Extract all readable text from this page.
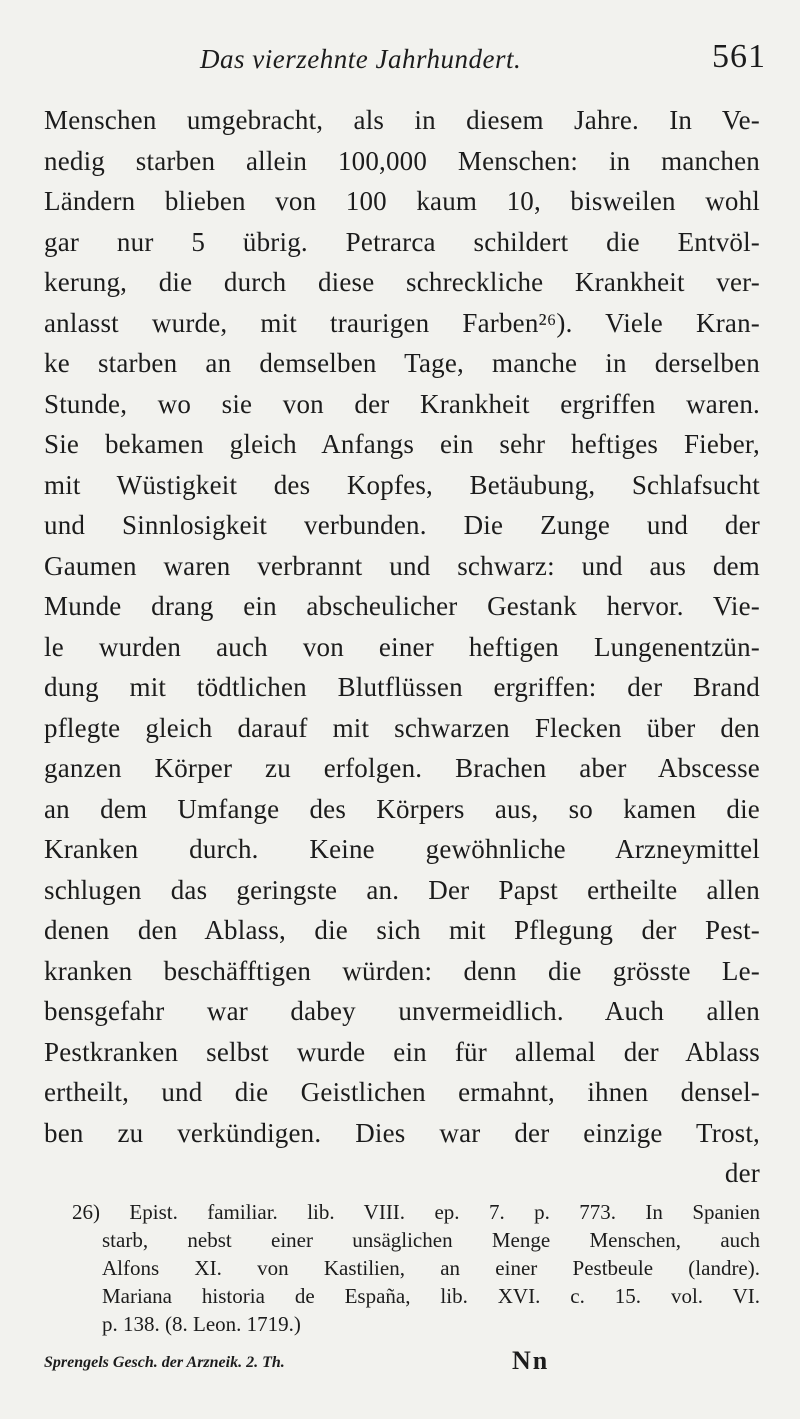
Das vierzehnte Jahrhundert.	561
Menschen umgebracht, als in diesem Jahre. In Ve-
nedig starben allein 100,000 Menschen: in manchen
Ländern blieben von 100 kaum 10, bisweilen wohl
gar nur 5 übrig. Petrarca schildert die Entvöl-
kerung, die durch diese schreckliche Krankheit ver-
anlasst wurde, mit traurigen Farben²⁶). Viele Kran-
ke starben an demselben Tage, manche in derselben
Stunde, wo sie von der Krankheit ergriffen waren.
Sie bekamen gleich Anfangs ein sehr heftiges Fieber,
mit Wüstigkeit des Kopfes, Betäubung, Schlafsucht
und Sinnlosigkeit verbunden. Die Zunge und der
Gaumen waren verbrannt und schwarz: und aus dem
Munde drang ein abscheulicher Gestank hervor. Vie-
le wurden auch von einer heftigen Lungenentzün-
dung mit tödtlichen Blutflüssen ergriffen: der Brand
pflegte gleich darauf mit schwarzen Flecken über den
ganzen Körper zu erfolgen. Brachen aber Abscesse
an dem Umfange des Körpers aus, so kamen die
Kranken durch. Keine gewöhnliche Arzneymittel
schlugen das geringste an. Der Papst ertheilte allen
denen den Ablass, die sich mit Pflegung der Pest-
kranken beschäfftigen würden: denn die grösste Le-
bensgefahr war dabey unvermeidlich. Auch allen
Pestkranken selbst wurde ein für allemal der Ablass
ertheilt, und die Geistlichen ermahnt, ihnen densel-
ben zu verkündigen. Dies war der einzige Trost,
der
26) Epist. familiar. lib. VIII. ep. 7. p. 773. In Spanien
starb, nebst einer unsäglichen Menge Menschen, auch
Alfons XI. von Kastilien, an einer Pestbeule (landre).
Mariana historia de España, lib. XVI. c. 15. vol. VI.
p. 138. (8. Leon. 1719.)
Sprengels Gesch. der Arzneik. 2. Th.	Nn
